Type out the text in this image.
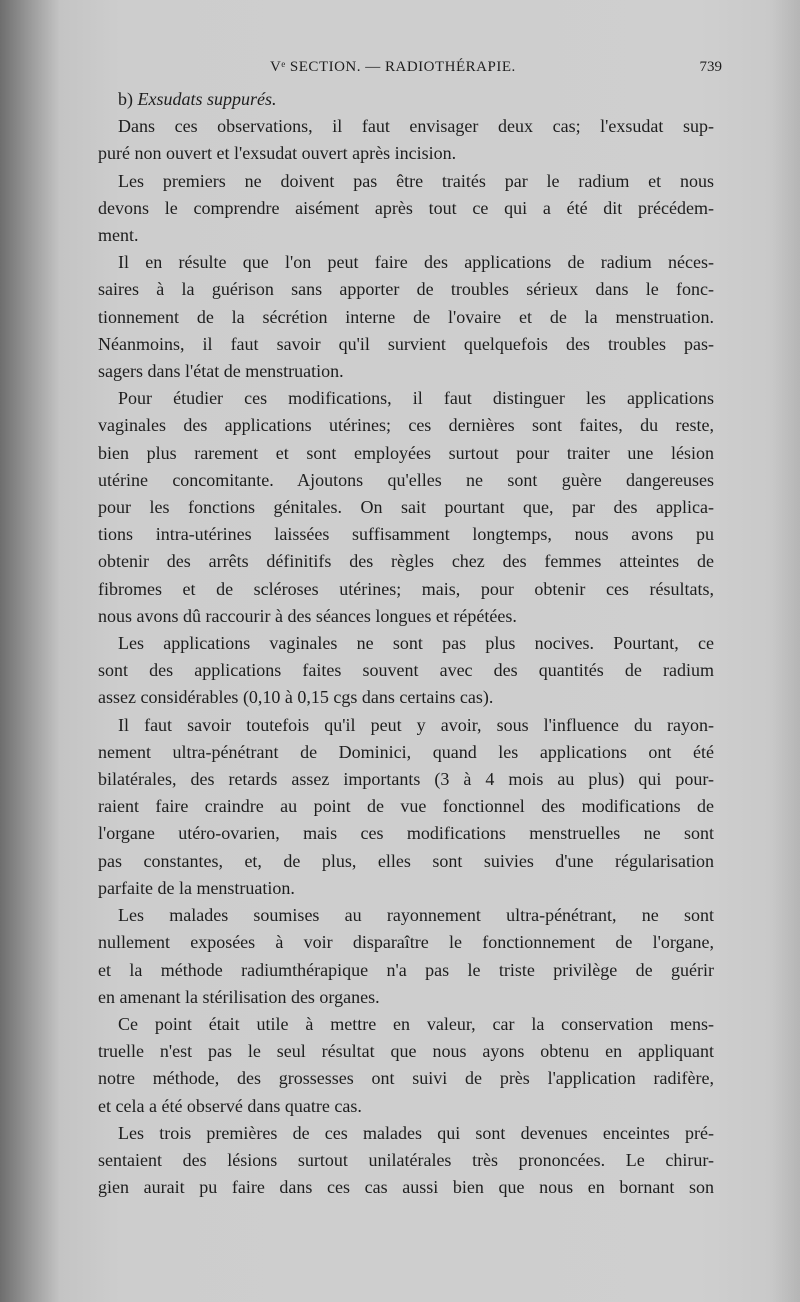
Vᵉ SECTION. — RADIOTHÉRAPIE.	739
b) Exsudats suppurés.
Dans ces observations, il faut envisager deux cas; l'exsudat sup-
puré non ouvert et l'exsudat ouvert après incision.
Les premiers ne doivent pas être traités par le radium et nous
devons le comprendre aisément après tout ce qui a été dit précédem-
ment.
Il en résulte que l'on peut faire des applications de radium néces-
saires à la guérison sans apporter de troubles sérieux dans le fonc-
tionnement de la sécrétion interne de l'ovaire et de la menstruation.
Néanmoins, il faut savoir qu'il survient quelquefois des troubles pas-
sagers dans l'état de menstruation.
Pour étudier ces modifications, il faut distinguer les applications
vaginales des applications utérines; ces dernières sont faites, du reste,
bien plus rarement et sont employées surtout pour traiter une lésion
utérine concomitante. Ajoutons qu'elles ne sont guère dangereuses
pour les fonctions génitales. On sait pourtant que, par des applica-
tions intra-utérines laissées suffisamment longtemps, nous avons pu
obtenir des arrêts définitifs des règles chez des femmes atteintes de
fibromes et de scléroses utérines; mais, pour obtenir ces résultats,
nous avons dû raccourir à des séances longues et répétées.
Les applications vaginales ne sont pas plus nocives. Pourtant, ce
sont des applications faites souvent avec des quantités de radium
assez considérables (0,10 à 0,15 cgs dans certains cas).
Il faut savoir toutefois qu'il peut y avoir, sous l'influence du rayon-
nement ultra-pénétrant de Dominici, quand les applications ont été
bilatérales, des retards assez importants (3 à 4 mois au plus) qui pour-
raient faire craindre au point de vue fonctionnel des modifications de
l'organe utéro-ovarien, mais ces modifications menstruelles ne sont
pas constantes, et, de plus, elles sont suivies d'une régularisation
parfaite de la menstruation.
Les malades soumises au rayonnement ultra-pénétrant, ne sont
nullement exposées à voir disparaître le fonctionnement de l'organe,
et la méthode radiumthérapique n'a pas le triste privilège de guérir
en amenant la stérilisation des organes.
Ce point était utile à mettre en valeur, car la conservation mens-
truelle n'est pas le seul résultat que nous ayons obtenu en appliquant
notre méthode, des grossesses ont suivi de près l'application radifère,
et cela a été observé dans quatre cas.
Les trois premières de ces malades qui sont devenues enceintes pré-
sentaient des lésions surtout unilatérales très prononcées. Le chirur-
gien aurait pu faire dans ces cas aussi bien que nous en bornant son
